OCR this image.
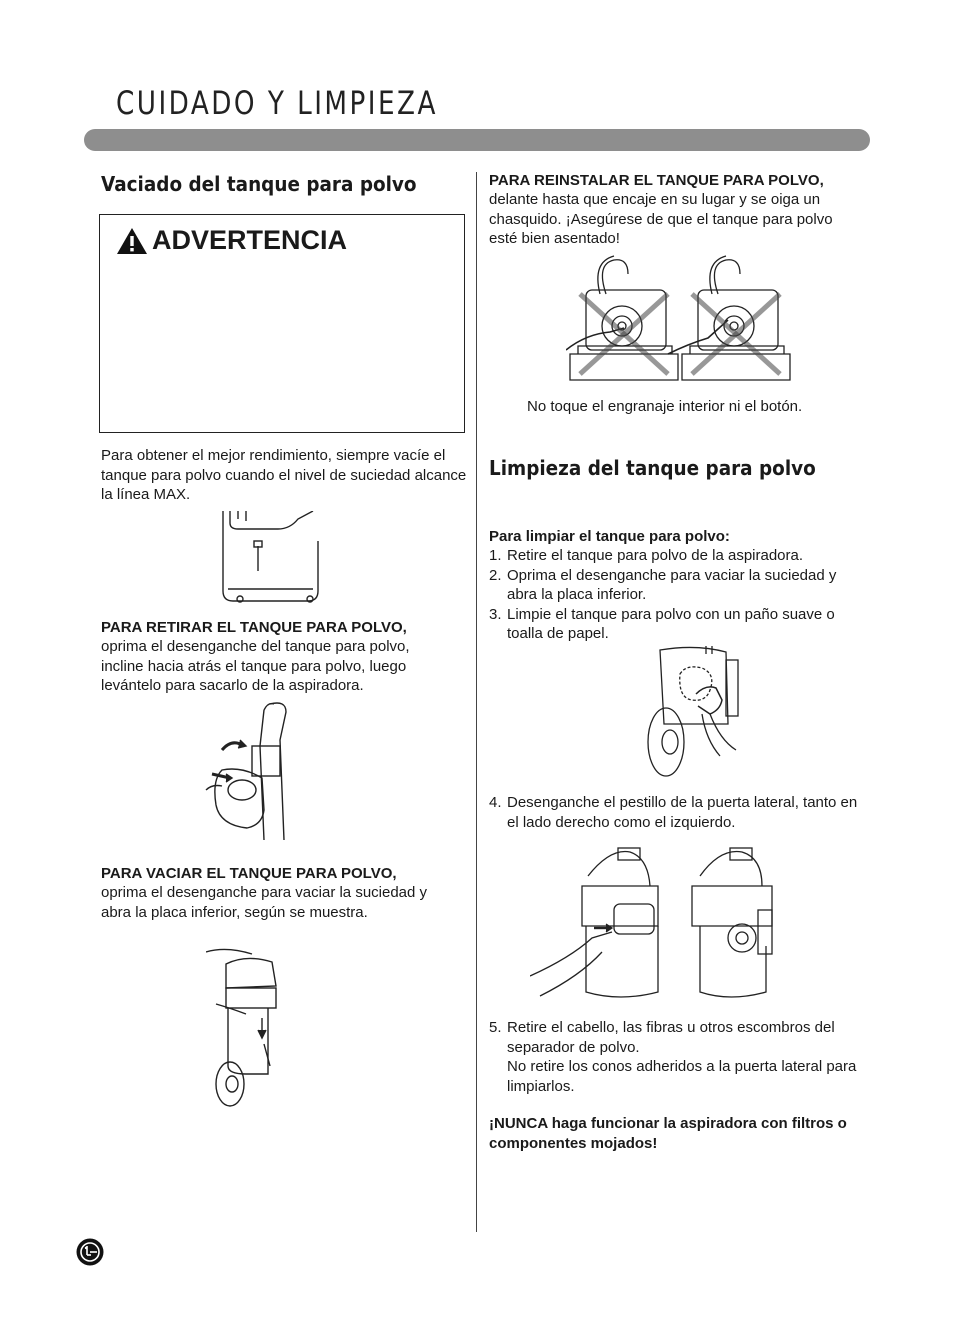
CUIDADO Y LIMPIEZA
Vaciado del tanque para polvo
ADVERTENCIA
Para obtener el mejor rendimiento, siempre vacíe el tanque para polvo cuando el nivel de suciedad alcance la línea MAX.
PARA RETIRAR EL TANQUE PARA POLVO,
oprima el desenganche del tanque para polvo, incline hacia atrás el tanque para polvo, luego levántelo para sacarlo de la aspiradora.
PARA VACIAR EL TANQUE PARA POLVO,
oprima el desenganche para vaciar la suciedad y abra la placa inferior, según se muestra.
PARA REINSTALAR EL TANQUE PARA POLVO,
delante hasta que encaje en su lugar y se oiga un chasquido. ¡Asegúrese de que el tanque para polvo esté bien asentado!
No toque el engranaje interior ni el botón.
Limpieza del tanque para polvo
Para limpiar el tanque para polvo:
1. Retire el tanque para polvo de la aspiradora.
2. Oprima el desenganche para vaciar la suciedad y abra la placa inferior.
3. Limpie el tanque para polvo con un paño suave o toalla de papel.
4. Desenganche el pestillo de la puerta lateral, tanto en el lado derecho como el izquierdo.
5. Retire el cabello, las fibras u otros escombros del separador de polvo.
No retire los conos adheridos a la puerta lateral para limpiarlos.
¡NUNCA haga funcionar la aspiradora con filtros o componentes mojados!
